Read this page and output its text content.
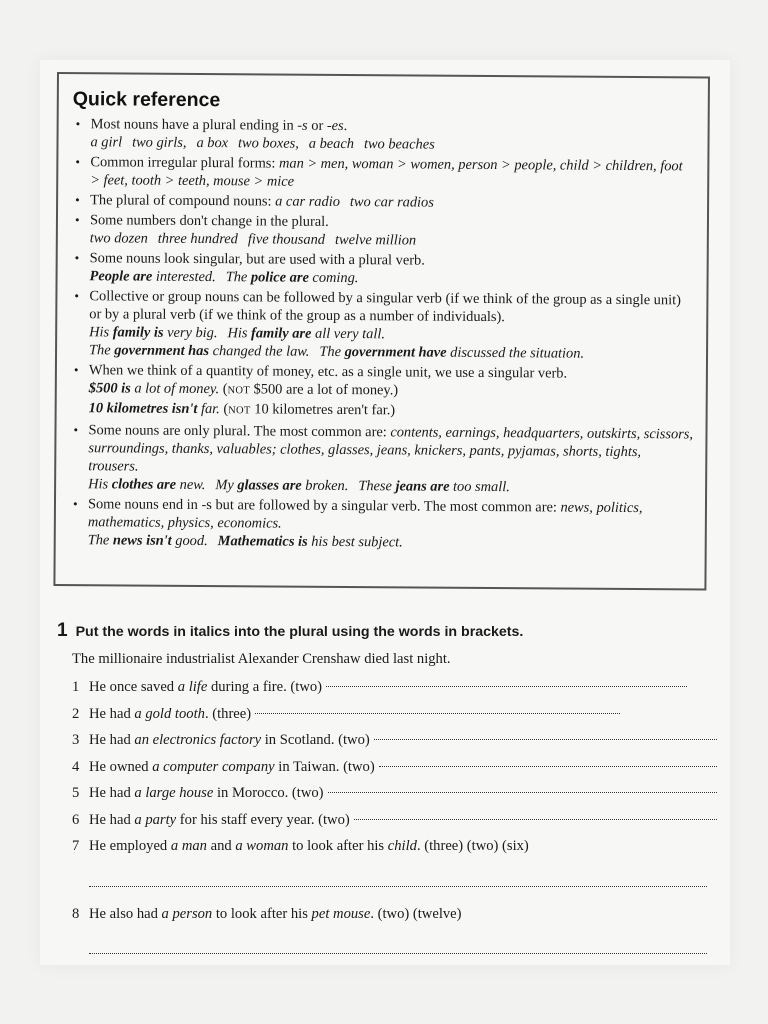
Quick reference
• Most nouns have a plural ending in -s or -es.
a girl two girls, a box two boxes, a beach two beaches
• Common irregular plural forms: man > men, woman > women, person > people, child > children, foot > feet, tooth > teeth, mouse > mice
• The plural of compound nouns: a car radio two car radios
• Some numbers don't change in the plural.
two dozen three hundred five thousand twelve million
• Some nouns look singular, but are used with a plural verb.
People are interested. The police are coming.
• Collective or group nouns can be followed by a singular verb (if we think of the group as a single unit) or by a plural verb (if we think of the group as a number of individuals).
His family is very big. His family are all very tall.
The government has changed the law. The government have discussed the situation.
• When we think of a quantity of money, etc. as a single unit, we use a singular verb.
$500 is a lot of money. (NOT $500 are a lot of money.)
10 kilometres isn't far. (NOT 10 kilometres aren't far.)
• Some nouns are only plural. The most common are: contents, earnings, headquarters, outskirts, scissors, surroundings, thanks, valuables; clothes, glasses, jeans, knickers, pants, pyjamas, shorts, tights, trousers.
His clothes are new. My glasses are broken. These jeans are too small.
• Some nouns end in -s but are followed by a singular verb. The most common are: news, politics, mathematics, physics, economics.
The news isn't good. Mathematics is his best subject.
1 Put the words in italics into the plural using the words in brackets.
The millionaire industrialist Alexander Crenshaw died last night.
1 He once saved a life during a fire. (two)
2 He had a gold tooth. (three)
3 He had an electronics factory in Scotland. (two)
4 He owned a computer company in Taiwan. (two)
5 He had a large house in Morocco. (two)
6 He had a party for his staff every year. (two)
7 He employed a man and a woman to look after his child. (three) (two) (six)
8 He also had a person to look after his pet mouse. (two) (twelve)
